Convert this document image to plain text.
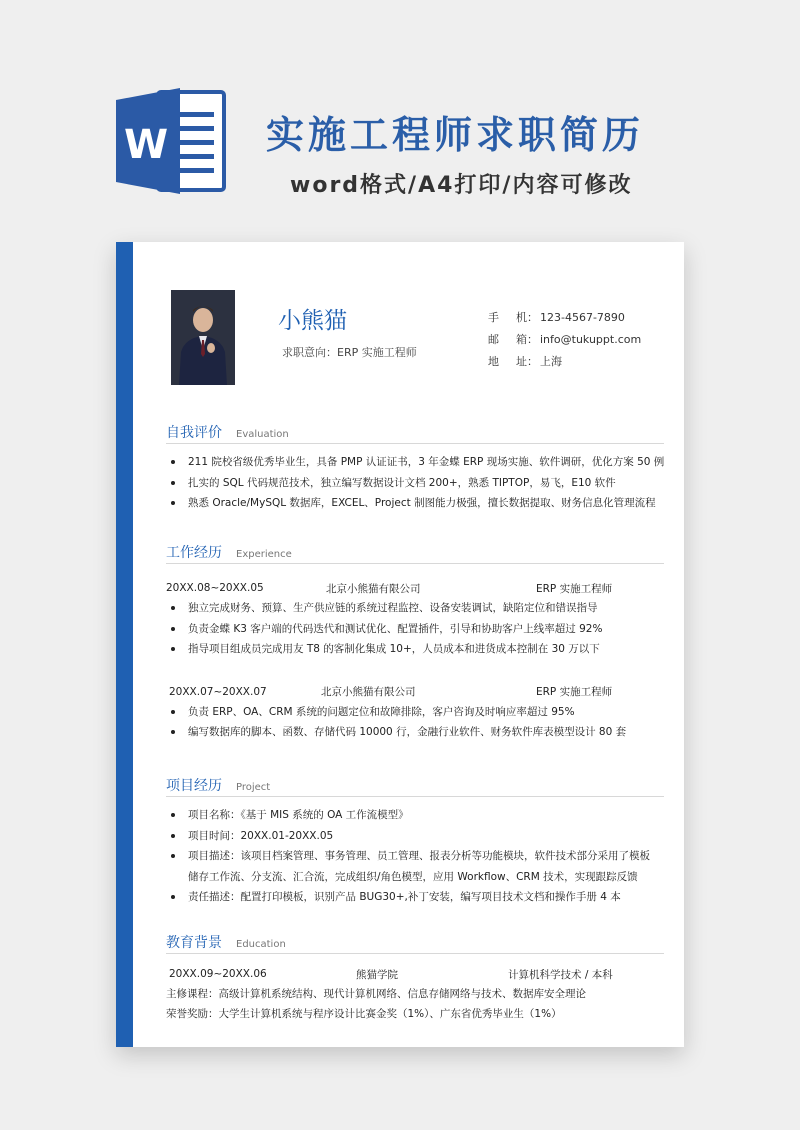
W	实施工程师求职简历
word格式/A4打印/内容可修改
小熊猫
求职意向：ERP 实施工程师
手 机： 123-4567-7890
邮 箱： info@tukuppt.com
地 址： 上海
自我评价 Evaluation
211 院校省级优秀毕业生，具备 PMP 认证证书，3 年金蝶 ERP 现场实施、软件调研，优化方案 50 例
扎实的 SQL 代码规范技术，独立编写数据设计文档 200+，熟悉 TIPTOP，易飞，E10 软件
熟悉 Oracle/MySQL 数据库，EXCEL、Project 制图能力极强，擅长数据提取、财务信息化管理流程
工作经历 Experience
20XX.08~20XX.05	北京小熊猫有限公司	ERP 实施工程师
独立完成财务、预算、生产供应链的系统过程监控、设备安装调试，缺陷定位和错误指导
负责金蝶 K3 客户端的代码迭代和测试优化、配置插件，引导和协助客户上线率超过 92%
指导项目组成员完成用友 T8 的客制化集成 10+，人员成本和进货成本控制在 30 万以下
20XX.07~20XX.07	北京小熊猫有限公司	ERP 实施工程师
负责 ERP、OA、CRM 系统的问题定位和故障排除，客户咨询及时响应率超过 95%
编写数据库的脚本、函数、存储代码 10000 行，金融行业软件、财务软件库表模型设计 80 套
项目经历 Project
项目名称：《基于 MIS 系统的 OA 工作流模型》
项目时间：20XX.01-20XX.05
项目描述：该项目档案管理、事务管理、员工管理、报表分析等功能模块，软件技术部分采用了模板
储存工作流、分支流、汇合流，完成组织/角色模型，应用 Workflow、CRM 技术，实现跟踪反馈
责任描述：配置打印模板，识别产品 BUG30+,补丁安装，编写项目技术文档和操作手册 4 本
教育背景 Education
20XX.09~20XX.06	熊猫学院	计算机科学技术 / 本科
主修课程：高级计算机系统结构、现代计算机网络、信息存储网络与技术、数据库安全理论
荣誉奖励：大学生计算机系统与程序设计比赛金奖（1%）、广东省优秀毕业生（1%）
